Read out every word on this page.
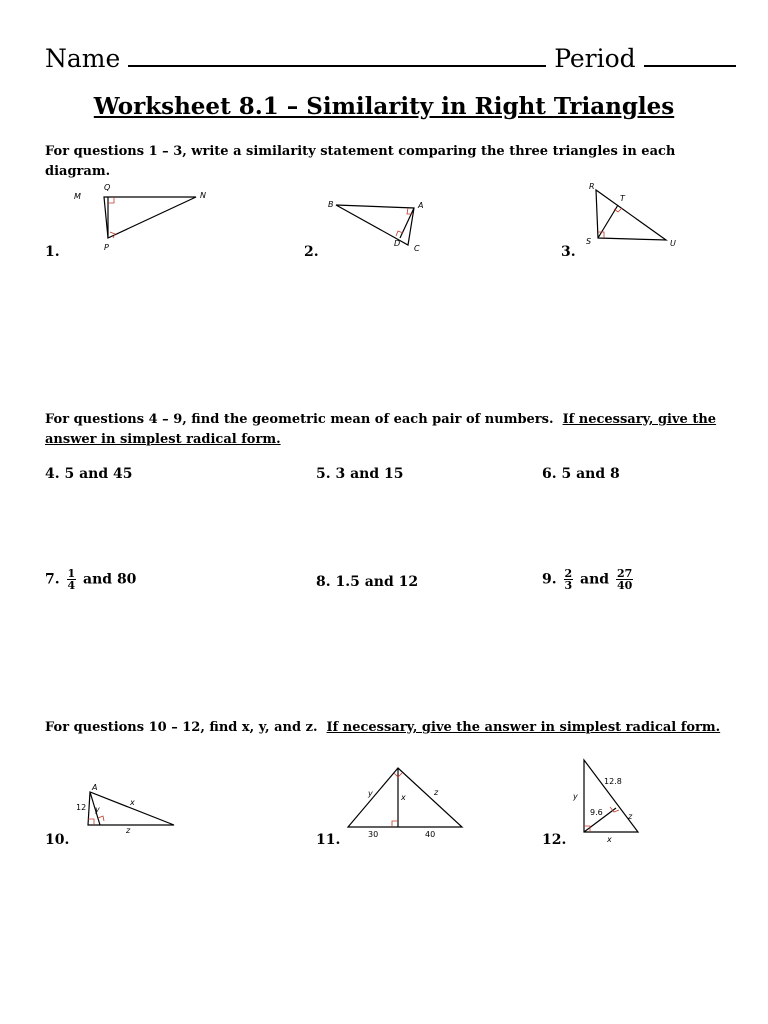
Name	Period
Worksheet 8.1 – Similarity in Right Triangles
For questions 1 – 3, write a similarity statement comparing the three triangles in each diagram.
1.
M
Q
N
P	2.
B	A
D
C	3.
R
T
S	U
For questions 4 – 9, find the geometric mean of each pair of numbers. If necessary, give the answer in simplest radical form.
4. 5 and 45	5. 3 and 15	6. 5 and 8
7. $\frac{1}{4}$ and 80	8. 1.5 and 12	9. $\frac{2}{3}$ and $\frac{27}{40}$
For questions 10 – 12, find x, y, and z. If necessary, give the answer in simplest radical form.
10.
A
12 y
x
z
11.
y	x
z
30	40	12.
12.8
y
9.6	z
x
